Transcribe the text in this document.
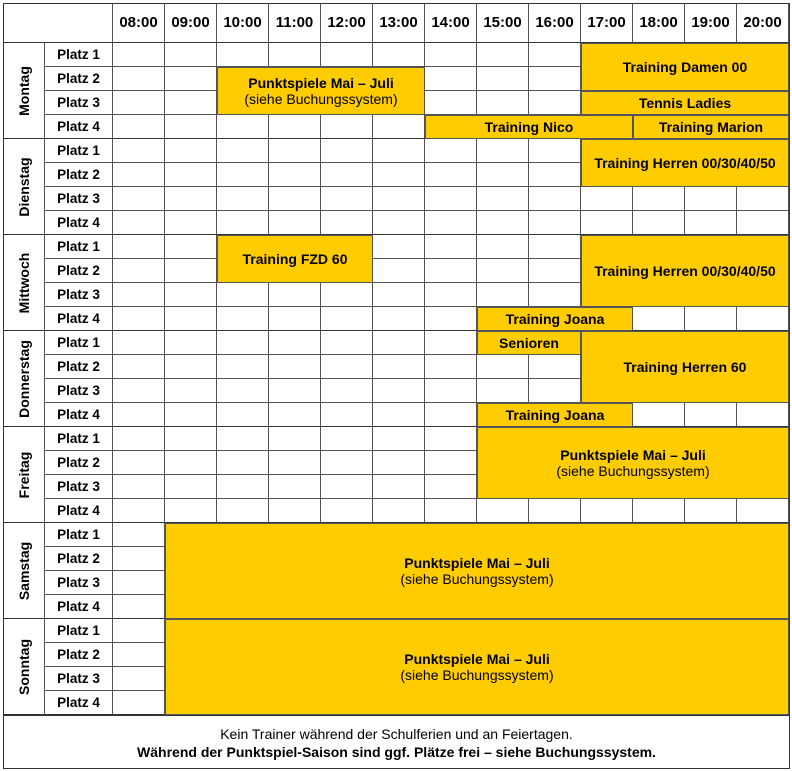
08:00 09:00 10:00 11:00 12:00 13:00 14:00 15:00 16:00 17:00 18:00 19:00 20:00
Montag
Platz 1
Platz 2
Platz 3
Platz 4
Dienstag
Platz 1
Platz 2
Platz 3
Platz 4
Mittwoch
Platz 1
Platz 2
Platz 3
Platz 4
Donnerstag	Platz 1
Platz 2
Platz 3
Platz 4
Freitag
Platz 1
Platz 2
Platz 3
Platz 4
Samstag
Platz 1
Platz 2
Platz 3
Platz 4
Sonntag
Platz 1
Platz 2
Platz 3
Platz 4
Punktspiele Mai – Juli
(siehe Buchungssystem)
Training Damen 00
Tennis Ladies
Training Nico	Training Marion
Training Herren 00/30/40/50
Training FZD 60
Training Herren 00/30/40/50
Training Joana
Senioren
Training Herren 60
Training Joana
Punktspiele Mai – Juli
(siehe Buchungssystem)
Punktspiele Mai – Juli
(siehe Buchungssystem)
Punktspiele Mai – Juli
(siehe Buchungssystem)
Kein Trainer während der Schulferien und an Feiertagen.
Während der Punktspiel-Saison sind ggf. Plätze frei – siehe Buchungssystem.
